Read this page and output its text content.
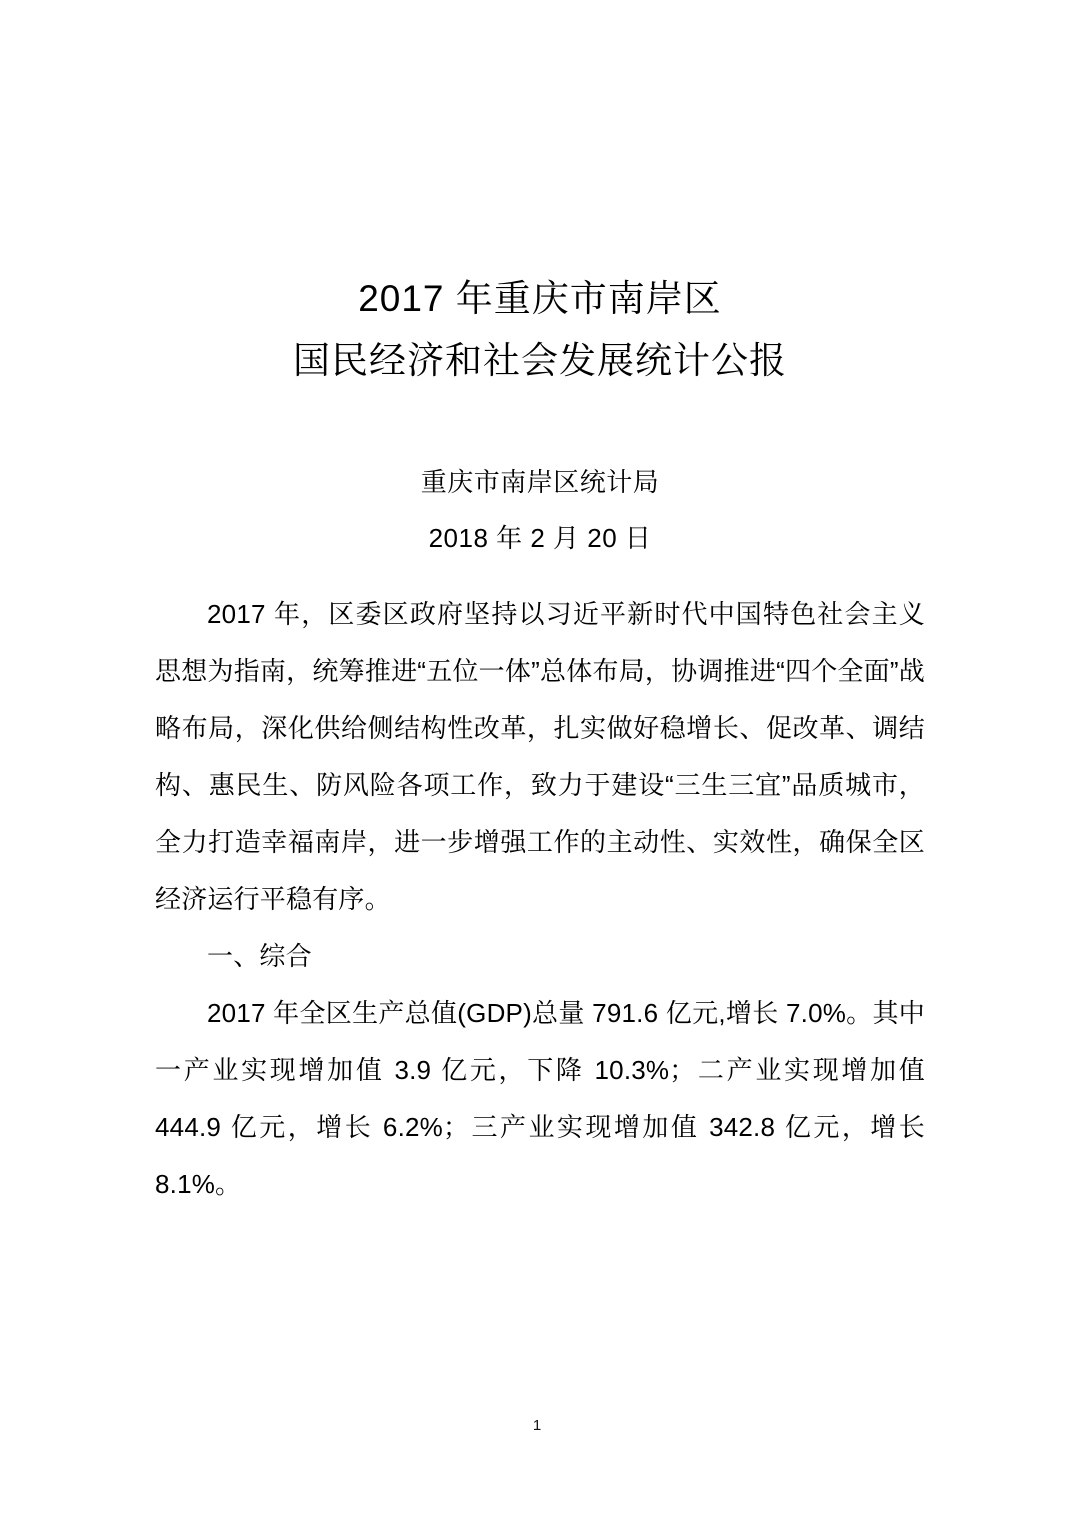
2017 年重庆市南岸区
国民经济和社会发展统计公报
重庆市南岸区统计局
2018 年 2 月 20 日

2017 年，区委区政府坚持以习近平新时代中国特色社会主义思想为指南，统筹推进“五位一体”总体布局，协调推进“四个全面”战略布局，深化供给侧结构性改革，扎实做好稳增长、促改革、调结构、惠民生、防风险各项工作，致力于建设“三生三宜”品质城市，全力打造幸福南岸，进一步增强工作的主动性、实效性，确保全区经济运行平稳有序。

一、综合

2017 年全区生产总值(GDP)总量 791.6 亿元,增长 7.0%。其中一产业实现增加值 3.9 亿元，下降 10.3%；二产业实现增加值 444.9 亿元，增长 6.2%；三产业实现增加值 342.8 亿元，增长 8.1%。

1
